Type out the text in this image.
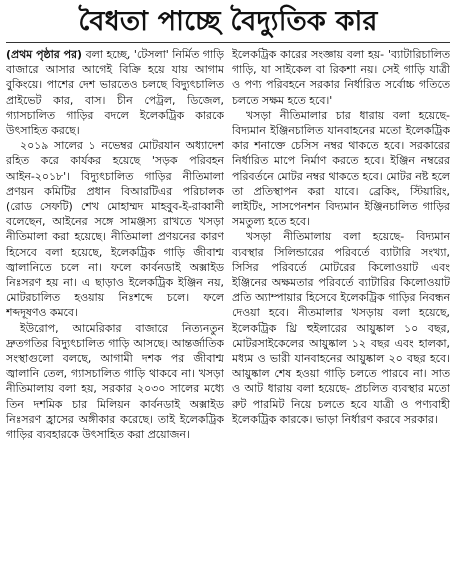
বৈধতা পাচ্ছে বৈদ্যুতিক কার

(প্রথম পৃষ্ঠার পর) বলা হচ্ছে, 'টেসলা' নির্মিত গাড়ি বাজারে আসার আগেই বিক্রি হয়ে যায় আগাম বুকিংয়ে। পাশের দেশ ভারতেও চলছে বিদ্যুৎচালিত প্রাইভেট কার, বাস। চীন পেট্রল, ডিজেল, গ্যাসচালিত গাড়ির বদলে ইলেকট্রিক কারকে উৎসাহিত করছে।

২০১৯ সালের ১ নভেম্বর মোটরযান অধ্যাদেশ রহিত করে কার্যকর হয়েছে 'সড়ক পরিবহন আইন-২০১৮'। বিদ্যুৎচালিত গাড়ির নীতিমালা প্রণয়ন কমিটির প্রধান বিআরটিএর পরিচালক (রোড সেফটি) শেখ মোহাম্মদ মাহবুব-ই-রাব্বানী বলেছেন, আইনের সঙ্গে সামঞ্জস্য রাখতে খসড়া নীতিমালা করা হয়েছে। নীতিমালা প্রণয়নের কারণ হিসেবে বলা হয়েছে, ইলেকট্রিক গাড়ি জীবাশ্ম জ্বালানিতে চলে না। ফলে কার্বনডাই অক্সাইড নিঃসরণ হয় না। এ ছাড়াও ইলেকট্রিক ইঞ্জিন নয়, মোটরচালিত হওয়ায় নিঃশব্দে চলে। ফলে শব্দদূষণও কমবে।

ইউরোপ, আমেরিকার বাজারে নিত্যনতুন দ্রুতগতির বিদ্যুৎচালিত গাড়ি আসছে। আন্তর্জাতিক সংস্থাগুলো বলছে, আগামী দশক পর জীবাশ্ম জ্বালানি তেল, গ্যাসচালিত গাড়ি থাকবে না। খসড়া নীতিমালায় বলা হয়, সরকার ২০৩০ সালের মধ্যে তিন দশমিক চার মিলিয়ন কার্বনডাই অক্সাইড নিঃসরণ হ্রাসের অঙ্গীকার করেছে। তাই ইলেকট্রিক গাড়ির ব্যবহারকে উৎসাহিত করা প্রয়োজন।

ইলেকট্রিক কারের সংজ্ঞায় বলা হয়- 'ব্যাটারিচালিত গাড়ি, যা সাইকেল বা রিকশা নয়। সেই গাড়ি যাত্রী ও পণ্য পরিবহনে সরকার নির্ধারিত সর্বোচ্চ গতিতে চলতে সক্ষম হতে হবে।'

খসড়া নীতিমালার চার ধারায় বলা হয়েছে- বিদ্যমান ইঞ্জিনচালিত যানবাহনের মতো ইলেকট্রিক কার শনাক্তে চেসিস নম্বর থাকতে হবে। সরকারের নির্ধারিত মাপে নির্মাণ করতে হবে। ইঞ্জিন নম্বরের পরিবর্তনে মোটর নম্বর থাকতে হবে। মোটর নষ্ট হলে তা প্রতিস্থাপন করা যাবে। ব্রেকিং, স্টিয়ারিং, লাইটিং, সাসপেনশন বিদ্যমান ইঞ্জিনচালিত গাড়ির সমতুল্য হতে হবে।

খসড়া নীতিমালায় বলা হয়েছে- বিদ্যমান ব্যবস্থার সিলিন্ডারের পরিবর্তে ব্যাটারি সংখ্যা, সিসির পরিবর্তে মোটরের কিলোওয়াট এবং ইঞ্জিনের অক্ষমতার পরিবর্তে ব্যাটারির কিলোওয়াট প্রতি অ্যাম্পায়ার হিসেবে ইলেকট্রিক গাড়ির নিবন্ধন দেওয়া হবে। নীতমালার খসড়ায় বলা হয়েছে, ইলেকট্রিক থ্রি হুইলারের আয়ুষ্কাল ১০ বছর, মোটরসাইকেলের আয়ুষ্কাল ১২ বছর এবং হালকা, মধ্যম ও ভারী যানবাহনের আয়ুষ্কাল ২০ বছর হবে। আয়ুষ্কাল শেষ হওয়া গাড়ি চলতে পারবে না। সাত ও আট ধারায় বলা হয়েছে- প্রচলিত ব্যবস্থার মতো রুট পারমিট নিয়ে চলতে হবে যাত্রী ও পণ্যবাহী ইলেকট্রিক কারকে। ভাড়া নির্ধারণ করবে সরকার।
